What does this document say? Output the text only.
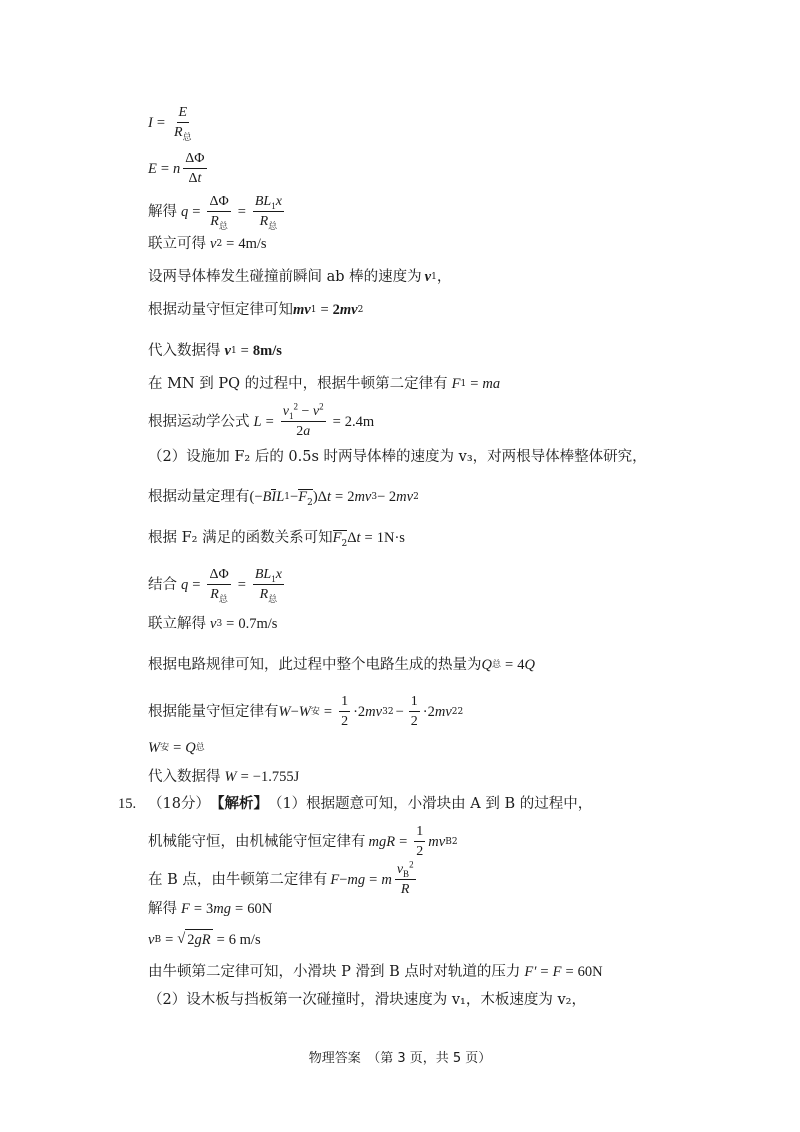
$I = \frac{E}{R_总}$
E = n $\frac{\Delta\Phi}{\Delta t}$
解得 $q = \frac{\Delta\Phi}{R_总} = \frac{BL_1x}{R_总}$
联立可得 v 2 = 4m/s
设两导体棒发生碰撞前瞬间 ab 棒的速度为 v 1 ，
根据动量守恒定律可知 mv 1 = 2 mv 2
代入数据得 v 1 = 8m/s
在 MN 到 PQ 的过程中，根据牛顿第二定律有 F 1 = ma
根据运动学公式 $L = \frac{v_1^2 - v^2}{2a} = 2.4m$
（2）设施加 F₂ 后的 0.5s 时两导体棒的速度为 v₃，对两根导体棒整体研究，
根据动量定理有 (− B I L $1 - F_2$ )Δ t = 2 mv 3 − 2 mv 2
根据 F₂ 满足的函数关系可知 $F_2$ Δ t = 1N·s
结合 $q = \frac{\Delta\Phi}{R_总} = \frac{BL_1x}{R_总}$
联立解得 v 3 = 0.7m/s
根据电路规律可知，此过程中整个电路生成的热量为 Q 总 = 4 Q
根据能量守恒定律有 W − W 安 = $\frac{1}{2} \cdot 2$ mv 3 $2 - \frac{1}{2} \cdot 2$ mv 2 2
W 安 = Q 总
代入数据得 W = −1.755J
15. （18分） 【解析】 （1）根据题意可知，小滑块由 A 到 B 的过程中，
机械能守恒，由机械能守恒定律有 mgR = $\frac{1}{2}$ mv B 2
在 B 点，由牛顿第二定律有 F − mg = m $\frac{v_B^2}{R}$
解得 F = 3 mg = 60N
v B = √ 2gR = 6 m/s
由牛顿第二定律可知，小滑块 P 滑到 B 点时对轨道的压力 F′ = F = 60N
（2）设木板与挡板第一次碰撞时，滑块速度为 v₁，木板速度为 v₂，
物理答案　（第 3 页，共 5 页）
